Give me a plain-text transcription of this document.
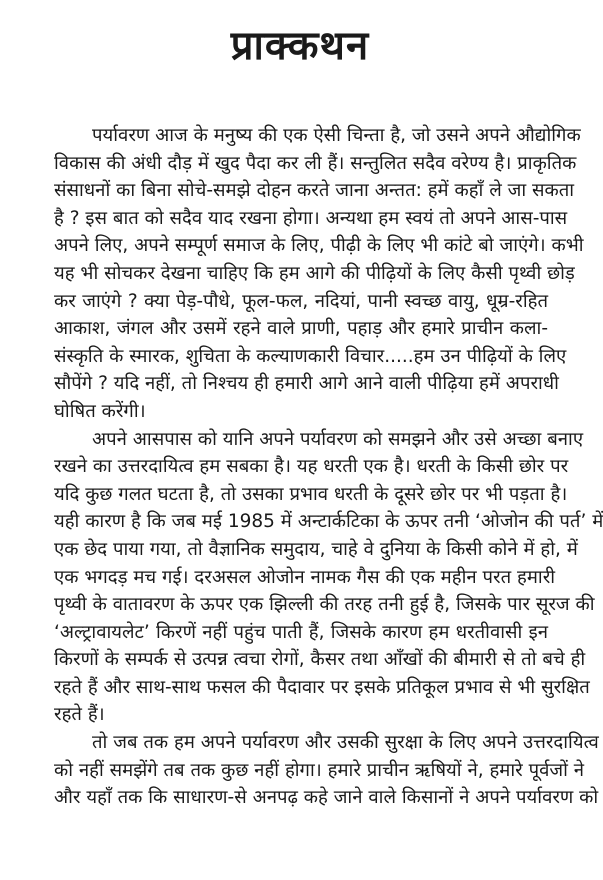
प्राक्कथन
पर्यावरण आज के मनुष्य की एक ऐसी चिन्ता है, जो उसने अपने औद्योगिक
विकास की अंधी दौड़ में खुद पैदा कर ली हैं। सन्तुलित सदैव वरेण्य है। प्राकृतिक
संसाधनों का बिना सोचे-समझे दोहन करते जाना अन्तत: हमें कहाँ ले जा सकता
है ? इस बात को सदैव याद रखना होगा। अन्यथा हम स्वयं तो अपने आस-पास
अपने लिए, अपने सम्पूर्ण समाज के लिए, पीढ़ी के लिए भी कांटे बो जाएंगे। कभी
यह भी सोचकर देखना चाहिए कि हम आगे की पीढ़ियों के लिए कैसी पृथ्वी छोड़
कर जाएंगे ? क्या पेड़-पौधे, फूल-फल, नदियां, पानी स्वच्छ वायु, धूम्र-रहित
आकाश, जंगल और उसमें रहने वाले प्राणी, पहाड़ और हमारे प्राचीन कला-
संस्कृति के स्मारक, शुचिता के कल्याणकारी विचार.....हम उन पीढ़ियों के लिए
सौपेंगे ? यदि नहीं, तो निश्चय ही हमारी आगे आने वाली पीढ़िया हमें अपराधी
घोषित करेंगी।
अपने आसपास को यानि अपने पर्यावरण को समझने और उसे अच्छा बनाए
रखने का उत्तरदायित्व हम सबका है। यह धरती एक है। धरती के किसी छोर पर
यदि कुछ गलत घटता है, तो उसका प्रभाव धरती के दूसरे छोर पर भी पड़ता है।
यही कारण है कि जब मई 1985 में अन्टार्कटिका के ऊपर तनी ‘ओजोन की पर्त’ में
एक छेद पाया गया, तो वैज्ञानिक समुदाय, चाहे वे दुनिया के किसी कोने में हो, में
एक भगदड़ मच गई। दरअसल ओजोन नामक गैस की एक महीन परत हमारी
पृथ्वी के वातावरण के ऊपर एक झिल्ली की तरह तनी हुई है, जिसके पार सूरज की
‘अल्ट्रावायलेट’ किरणें नहीं पहुंच पाती हैं, जिसके कारण हम धरतीवासी इन
किरणों के सम्पर्क से उत्पन्न त्वचा रोगों, कैसर तथा आँखों की बीमारी से तो बचे ही
रहते हैं और साथ-साथ फसल की पैदावार पर इसके प्रतिकूल प्रभाव से भी सुरक्षित
रहते हैं।
तो जब तक हम अपने पर्यावरण और उसकी सुरक्षा के लिए अपने उत्तरदायित्व
को नहीं समझेंगे तब तक कुछ नहीं होगा। हमारे प्राचीन ऋषियों ने, हमारे पूर्वजों ने
और यहाँ तक कि साधारण-से अनपढ़ कहे जाने वाले किसानों ने अपने पर्यावरण को
